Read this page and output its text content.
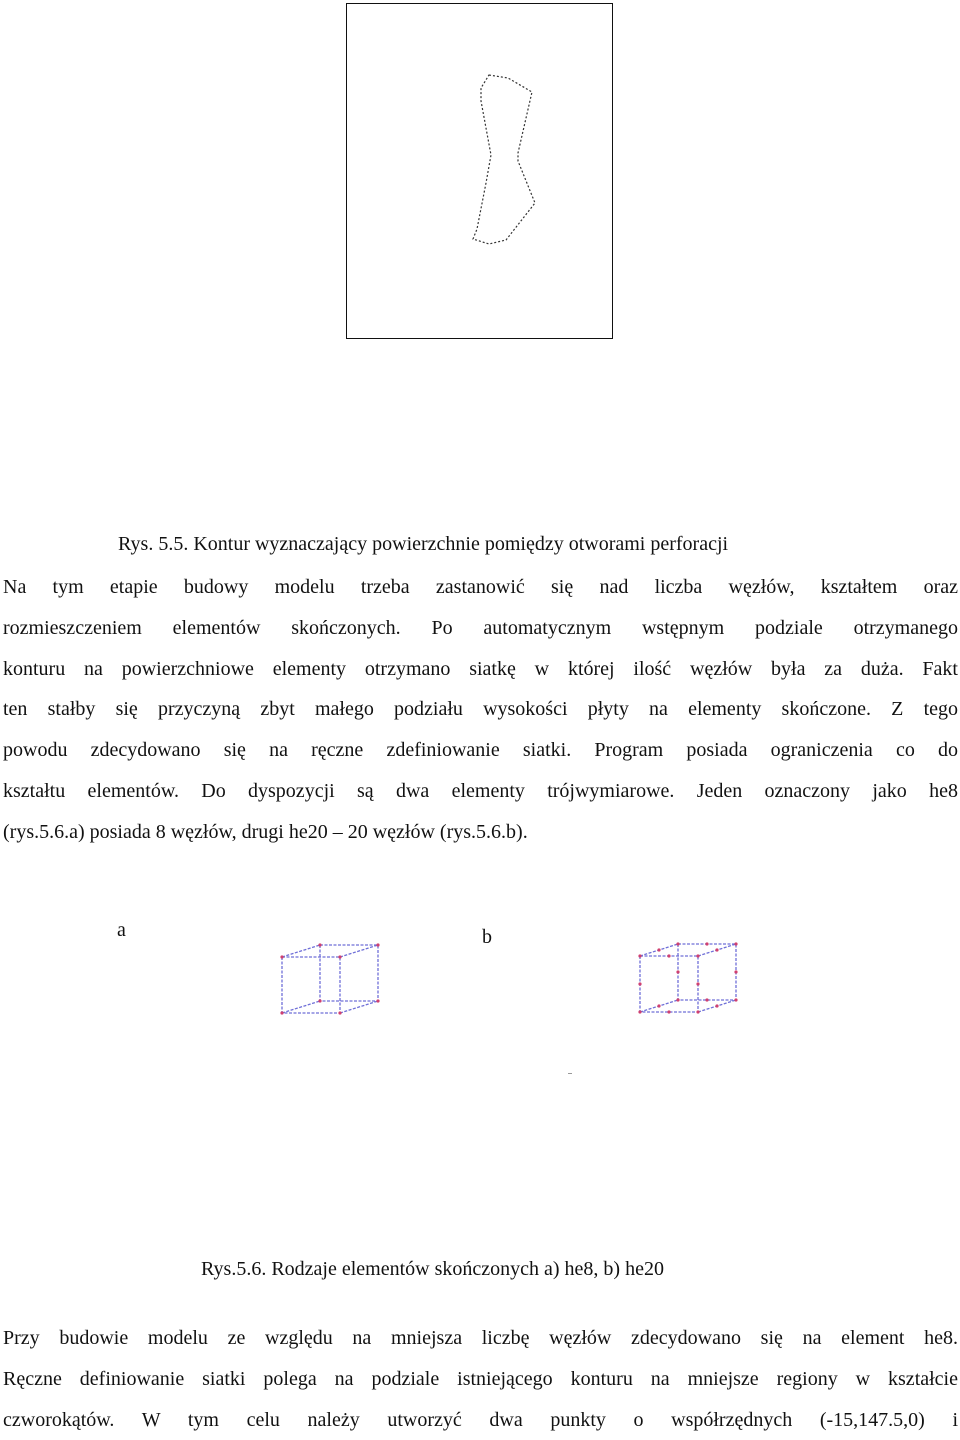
Rys. 5.5. Kontur wyznaczający powierzchnie pomiędzy otworami perforacji
Na tym etapie budowy modelu trzeba zastanowić się nad liczba węzłów, kształtem oraz
rozmieszczeniem elementów skończonych. Po automatycznym wstępnym podziale otrzymanego
konturu na powierzchniowe elementy otrzymano siatkę w której ilość węzłów była za duża. Fakt
ten stałby się przyczyną zbyt małego podziału wysokości płyty na elementy skończone. Z tego
powodu zdecydowano się na ręczne zdefiniowanie siatki. Program posiada ograniczenia co do
kształtu elementów. Do dyspozycji są dwa elementy trójwymiarowe. Jeden oznaczony jako he8
(rys.5.6.a) posiada 8 węzłów, drugi he20 – 20 węzłów (rys.5.6.b).
a	b
Rys.5.6. Rodzaje elementów skończonych a) he8, b) he20
Przy budowie modelu ze względu na mniejsza liczbę węzłów zdecydowano się na element he8.
Ręczne definiowanie siatki polega na podziale istniejącego konturu na mniejsze regiony w kształcie
czworokątów. W tym celu należy utworzyć dwa punkty o współrzędnych (-15,147.5,0) i
